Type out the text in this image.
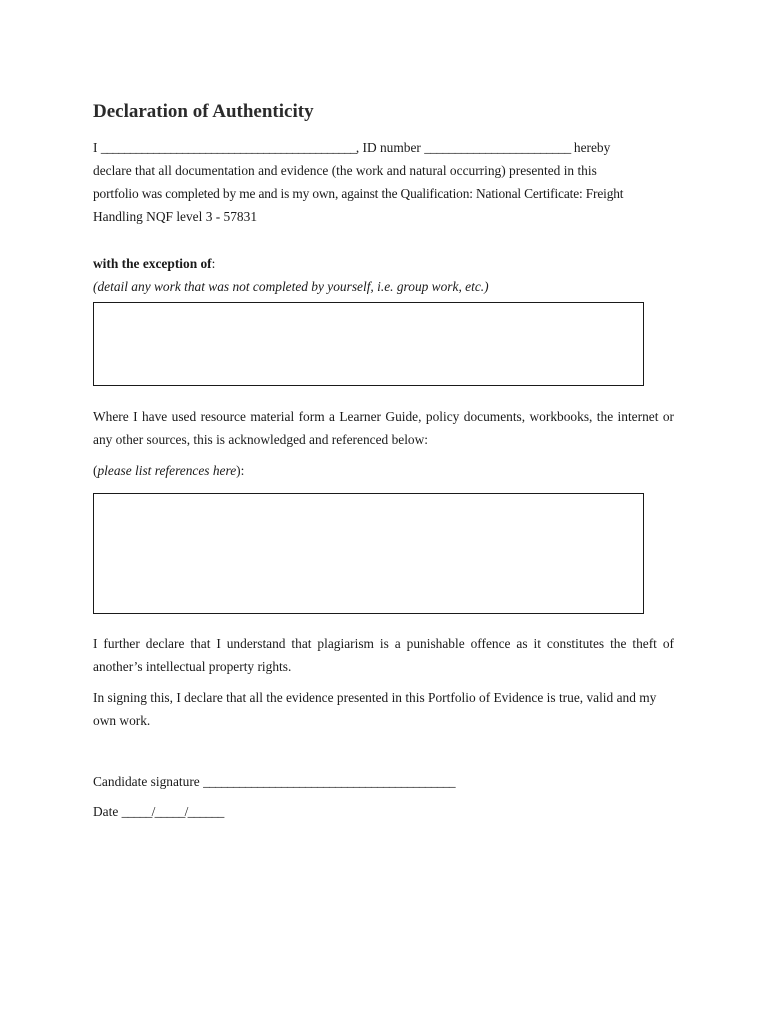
Declaration of Authenticity
I ____________________________________________, ID number ________________________ hereby
declare that all documentation and evidence (the work and natural occurring) presented in this
portfolio was completed by me and is my own, against the Qualification: National Certificate: Freight
Handling NQF level 3 - 57831
with the exception of:
(detail any work that was not completed by yourself, i.e. group work, etc.)
Where I have used resource material form a Learner Guide, policy documents, workbooks, the internet or any other sources, this is acknowledged and referenced below:
(please list references here):
I further declare that I understand that plagiarism is a punishable offence as it constitutes the theft of another’s intellectual property rights.
In signing this, I declare that all the evidence presented in this Portfolio of Evidence is true, valid and my own work.
Candidate signature __________________________________________
Date _____/_____/______
